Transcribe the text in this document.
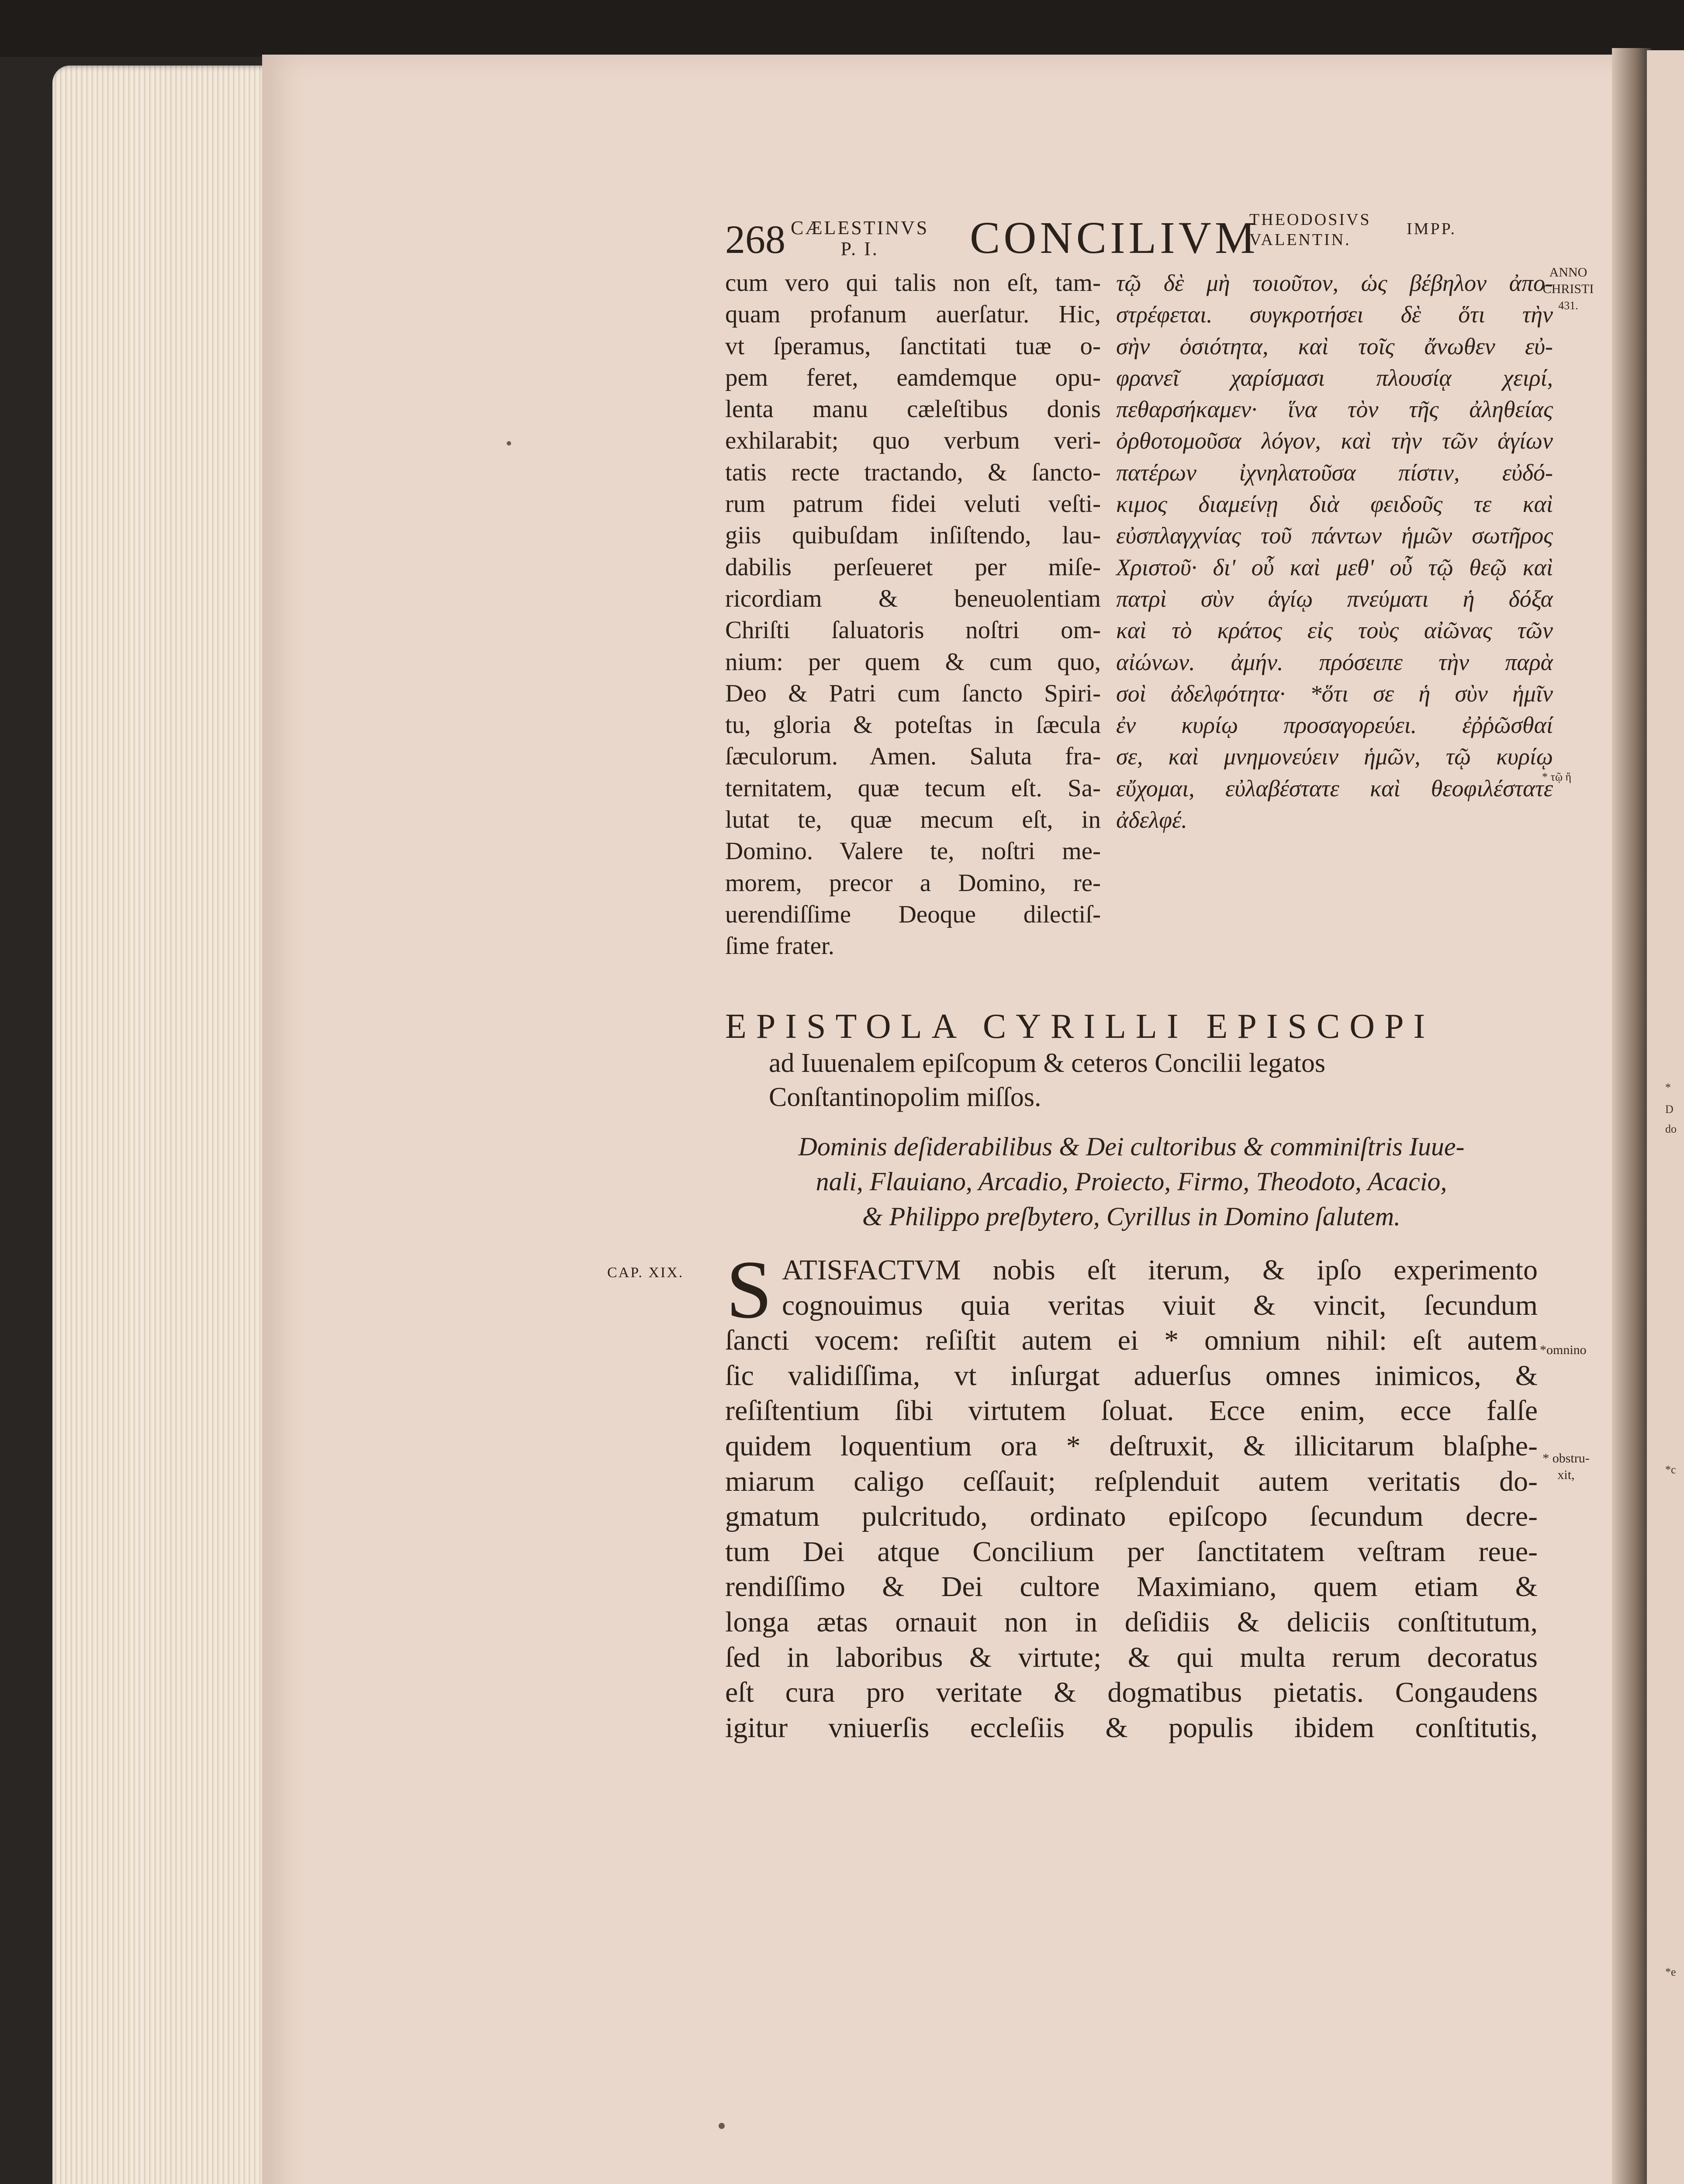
*
D
do
*c
*e
268 CÆLESTINVS
P. I.	CONCILIVM
THEODOSIVS
VALENTIN.
IMPP.
ANNO
CHRISTI
431.
* τῷ ἤ
*omnino
* obstru-
xit,
cum vero qui talis non eſt, tam-
quam profanum auerſatur. Hic,
vt ſperamus, ſanctitati tuæ o-
pem feret, eamdemque opu-
lenta manu cæleſtibus donis
exhilarabit; quo verbum veri-
tatis recte tractando, & ſancto-
rum patrum fidei veluti veſti-
giis quibuſdam inſiſtendo, lau-
dabilis perſeueret per miſe-
ricordiam & beneuolentiam
Chriſti ſaluatoris noſtri om-
nium: per quem & cum quo,
Deo & Patri cum ſancto Spiri-
tu, gloria & poteſtas in ſæcula
ſæculorum. Amen. Saluta fra-
ternitatem, quæ tecum eſt. Sa-
lutat te, quæ mecum eſt, in
Domino. Valere te, noſtri me-
morem, precor a Domino, re-
uerendiſſime Deoque dilectiſ-
ſime frater.
τῷ δὲ μὴ τοιοῦτον, ὡς βέβηλον ἀπο-
στρέφεται. συγκροτήσει δὲ ὅτι τὴν
σὴν ὁσιότητα, καὶ τοῖς ἄνωθεν εὐ-
φρανεῖ χαρίσμασι πλουσίᾳ χειρί,
πεθαρσήκαμεν· ἵνα τὸν τῆς ἀληθείας
ὀρθοτομοῦσα λόγον, καὶ τὴν τῶν ἁγίων
πατέρων ἰχνηλατοῦσα πίστιν, εὐδό-
κιμος διαμείνῃ διὰ φειδοῦς τε καὶ
εὐσπλαγχνίας τοῦ πάντων ἡμῶν σωτῆρος
Χριστοῦ· δι' οὗ καὶ μεθ' οὗ τῷ θεῷ καὶ
πατρὶ σὺν ἁγίῳ πνεύματι ἡ δόξα
καὶ τὸ κράτος εἰς τοὺς αἰῶνας τῶν
αἰώνων. ἀμήν. πρόσειπε τὴν παρὰ
σοὶ ἀδελφότητα· *ὅτι σε ἡ σὺν ἡμῖν
ἐν κυρίῳ προσαγορεύει. ἐῤῥῶσθαί
σε, καὶ μνημονεύειν ἡμῶν, τῷ κυρίῳ
εὔχομαι, εὐλαβέστατε καὶ θεοφιλέστατε
ἀδελφέ.
EPISTOLA CYRILLI EPISCOPI
ad Iuuenalem epiſcopum & ceteros Concilii legatos
Conſtantinopolim miſſos.
Dominis deſiderabilibus & Dei cultoribus & comminiſtris Iuue-
nali, Flauiano, Arcadio, Proiecto, Firmo, Theodoto, Acacio,
& Philippo preſbytero, Cyrillus in Domino ſalutem.
CAP. XIX. S ATISFACTVM nobis eſt iterum, & ipſo experimento
cognouimus quia veritas viuit & vincit, ſecundum
ſancti vocem: reſiſtit autem ei * omnium nihil: eſt autem
ſic validiſſima, vt inſurgat aduerſus omnes inimicos, &
reſiſtentium ſibi virtutem ſoluat. Ecce enim, ecce falſe
quidem loquentium ora * deſtruxit, & illicitarum blaſphe-
miarum caligo ceſſauit; reſplenduit autem veritatis do-
gmatum pulcritudo, ordinato epiſcopo ſecundum decre-
tum Dei atque Concilium per ſanctitatem veſtram reue-
rendiſſimo & Dei cultore Maximiano, quem etiam &
longa ætas ornauit non in deſidiis & deliciis conſtitutum,
ſed in laboribus & virtute; & qui multa rerum decoratus
eſt cura pro veritate & dogmatibus pietatis. Congaudens
igitur vniuerſis eccleſiis & populis ibidem conſtitutis,
